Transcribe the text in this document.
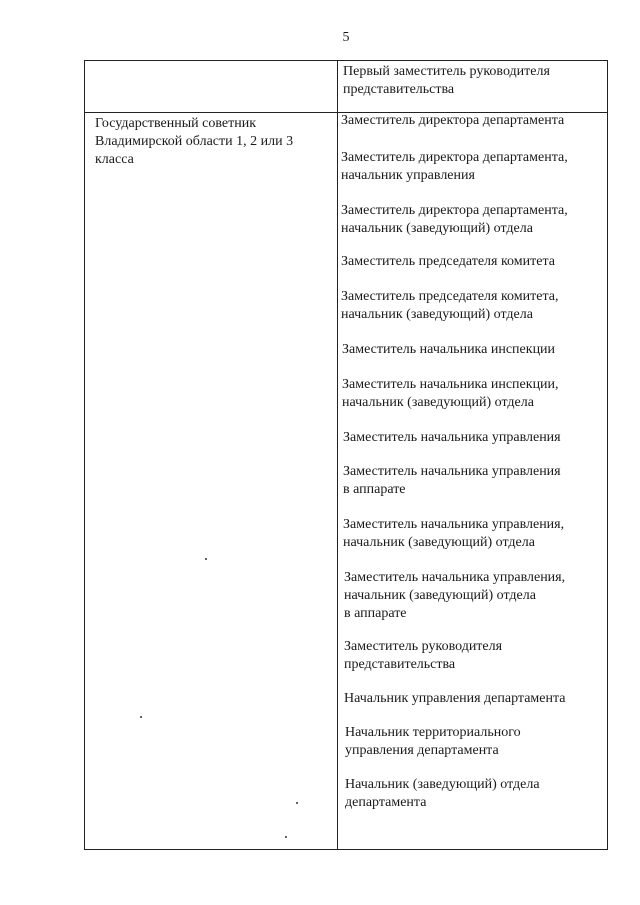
5
Первый заместитель руководителя
представительства
Государственный советник
Владимирской области 1, 2 или 3
класса
Заместитель директора департамента
Заместитель директора департамента,
начальник управления
Заместитель директора департамента,
начальник (заведующий) отдела
Заместитель председателя комитета
Заместитель председателя комитета,
начальник (заведующий) отдела
Заместитель начальника инспекции
Заместитель начальника инспекции,
начальник (заведующий) отдела
Заместитель начальника управления
Заместитель начальника управления
в аппарате
Заместитель начальника управления,
начальник (заведующий) отдела
Заместитель начальника управления,
начальник (заведующий) отдела
в аппарате
Заместитель руководителя
представительства
Начальник управления департамента
Начальник территориального
управления департамента
Начальник (заведующий) отдела
департамента
